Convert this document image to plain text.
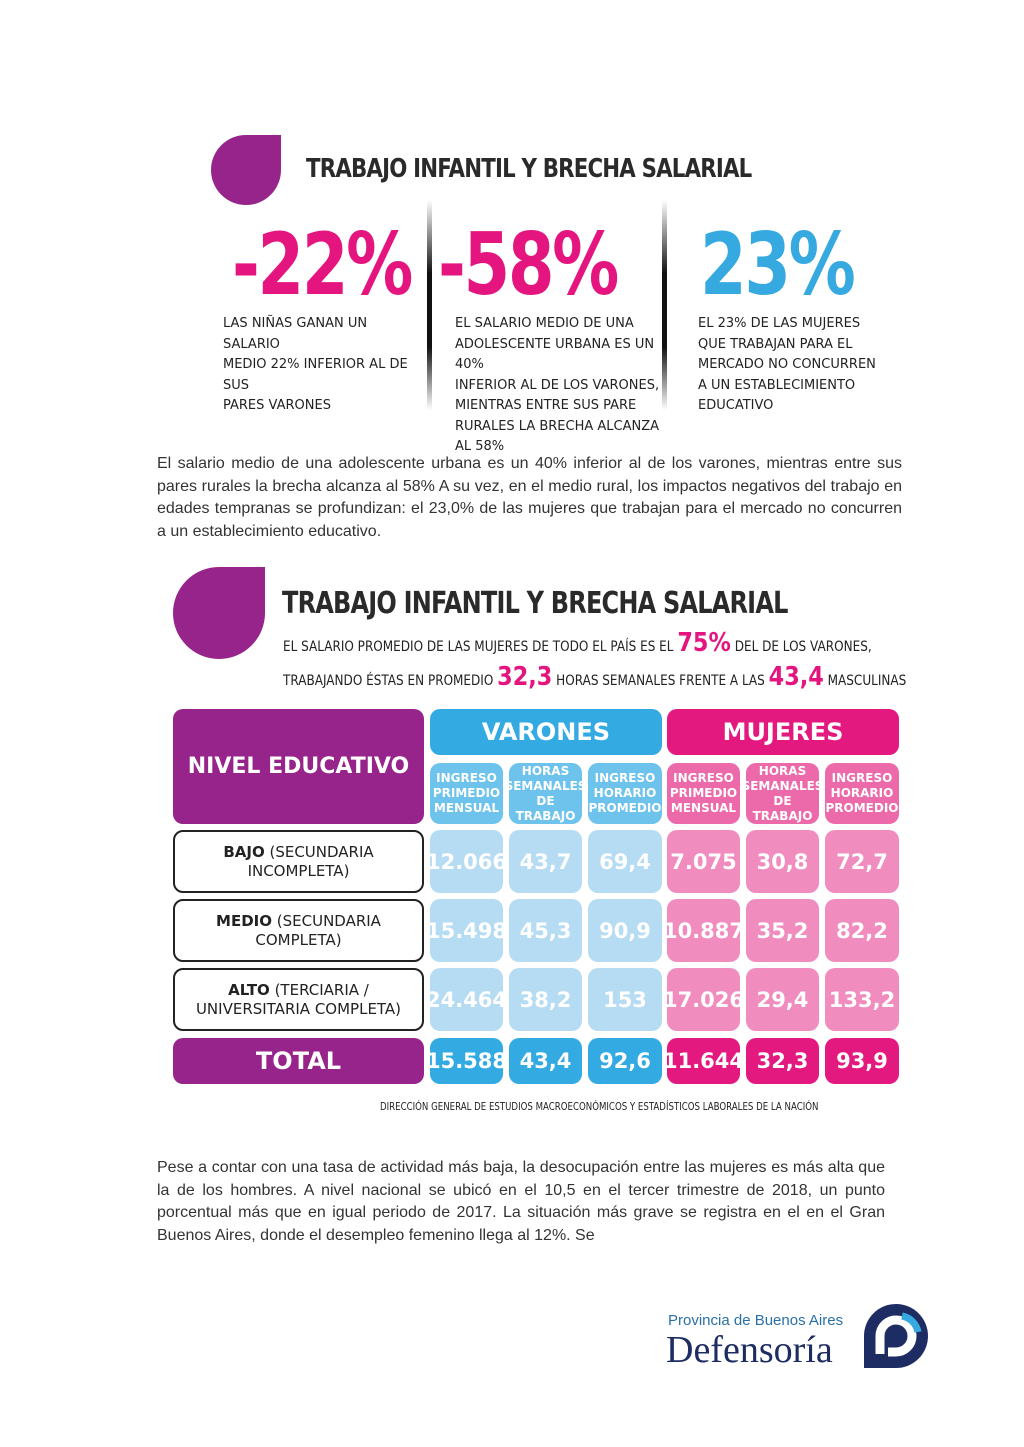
TRABAJO INFANTIL Y BRECHA SALARIAL
-22%
LAS NIÑAS GANAN UN SALARIO
MEDIO 22% INFERIOR AL DE SUS
PARES VARONES
-58%
EL SALARIO MEDIO DE UNA
ADOLESCENTE URBANA ES UN 40%
INFERIOR AL DE LOS VARONES,
MIENTRAS ENTRE SUS PARE
RURALES LA BRECHA ALCANZA AL 58%
23%
EL 23% DE LAS MUJERES
QUE TRABAJAN PARA EL
MERCADO NO CONCURREN
A UN ESTABLECIMIENTO
EDUCATIVO
El salario medio de una adolescente urbana es un 40% inferior al de los varones, mientras entre sus pares rurales la brecha alcanza al 58% A su vez, en el medio rural, los impactos negativos del trabajo en edades tempranas se profundizan: el 23,0% de las mujeres que trabajan para el mercado no concurren a un establecimiento educativo.
TRABAJO INFANTIL Y BRECHA SALARIAL
EL SALARIO PROMEDIO DE LAS MUJERES DE TODO EL PAÍS ES EL 75% DEL DE LOS VARONES,
TRABAJANDO ÉSTAS EN PROMEDIO 32,3 HORAS SEMANALES FRENTE A LAS 43,4 MASCULINAS
NIVEL EDUCATIVO
VARONES	MUJERES
INGRESO PRIMEDIO MENSUAL
HORAS SEMANALES DE TRABAJO
INGRESO HORARIO PROMEDIO
INGRESO PRIMEDIO MENSUAL
HORAS SEMANALES DE TRABAJO
INGRESO HORARIO PROMEDIO
BAJO (SECUNDARIA INCOMPLETA)	12.066 43,7 69,4 7.075 30,8 72,7
MEDIO (SECUNDARIA COMPLETA)	15.498 45,3 90,9 10.887 35,2 82,2
ALTO (TERCIARIA / UNIVERSITARIA COMPLETA)	24.464 38,2 153 17.026 29,4 133,2
TOTAL	15.588 43,4 92,6 11.644 32,3 93,9
DIRECCIÓN GENERAL DE ESTUDIOS MACROECONÓMICOS Y ESTADÍSTICOS LABORALES DE LA NACIÓN
Pese a contar con una tasa de actividad más baja, la desocupación entre las mujeres es más alta que la de los hombres. A nivel nacional se ubicó en el 10,5 en el tercer trimestre de 2018, un punto porcentual más que en igual periodo de 2017. La situación más grave se registra en el en el Gran Buenos Aires, donde el desempleo femenino llega al 12%. Se
Provincia de Buenos Aires
Defensoría
